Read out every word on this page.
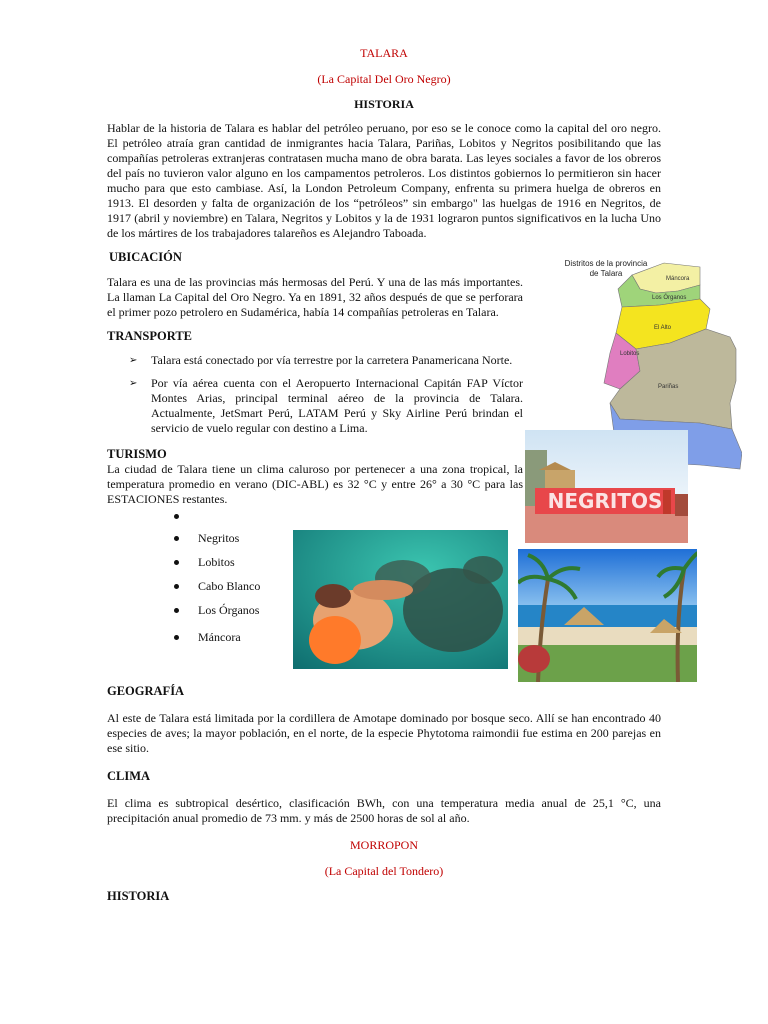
TALARA
(La Capital Del Oro Negro)
HISTORIA
Hablar de la historia de Talara es hablar del petróleo peruano, por eso se le conoce como la capital del oro negro. El petróleo atraía gran cantidad de inmigrantes hacia Talara, Pariñas, Lobitos y Negritos posibilitando que las compañías petroleras extranjeras contratasen mucha mano de obra barata. Las leyes sociales a favor de los obreros del país no tuvieron valor alguno en los campamentos petroleros. Los distintos gobiernos lo permitieron sin hacer mucho para que esto cambiase. Así, la London Petroleum Company, enfrenta su primera huelga de obreros en 1913. El desorden y falta de organización de los “petróleos” sin embargo" las huelgas de 1916 en Negritos, de 1917 (abril y noviembre) en Talara, Negritos y Lobitos y la de 1931 lograron puntos significativos en la lucha Uno de los mártires de los trabajadores talareños es Alejandro Taboada.
UBICACIÓN
Talara es una de las provincias más hermosas del Perú. Y una de las más importantes. La llaman La Capital del Oro Negro. Ya en 1891, 32 años después de que se perforara el primer pozo petrolero en Sudamérica, había 14 compañías petroleras en Talara.
TRANSPORTE
➢ Talara está conectado por vía terrestre por la carretera Panamericana Norte.
➢ Por vía aérea cuenta con el Aeropuerto Internacional Capitán FAP Víctor Montes Arias, principal terminal aéreo de la provincia de Talara. Actualmente, JetSmart Perú, LATAM Perú y Sky Airline Perú brindan el servicio de vuelo regular con destino a Lima.
TURISMO
La ciudad de Talara tiene un clima caluroso por pertenecer a una zona tropical, la temperatura promedio en verano (DIC-ABL) es 32 °C y entre 26° a 30 °C para las ESTACIONES restantes.
Negritos
Lobitos
Cabo Blanco
Los Órganos
Máncora
GEOGRAFÍA
Al este de Talara está limitada por la cordillera de Amotape dominado por bosque seco. Allí se han encontrado 40 especies de aves; la mayor población, en el norte, de la especie Phytotoma raimondii fue estima en 200 parejas en ese sitio.
CLIMA
El clima es subtropical desértico, clasificación BWh, con una temperatura media anual de 25,1 °C, una precipitación anual promedio de 73 mm. y más de 2500 horas de sol al año.
MORROPON
(La Capital del Tondero)
HISTORIA
Distritos de la provincia
de Talara
Máncora
Los Órganos
El Alto
Lobitos
Pariñas
NEGRITOS
